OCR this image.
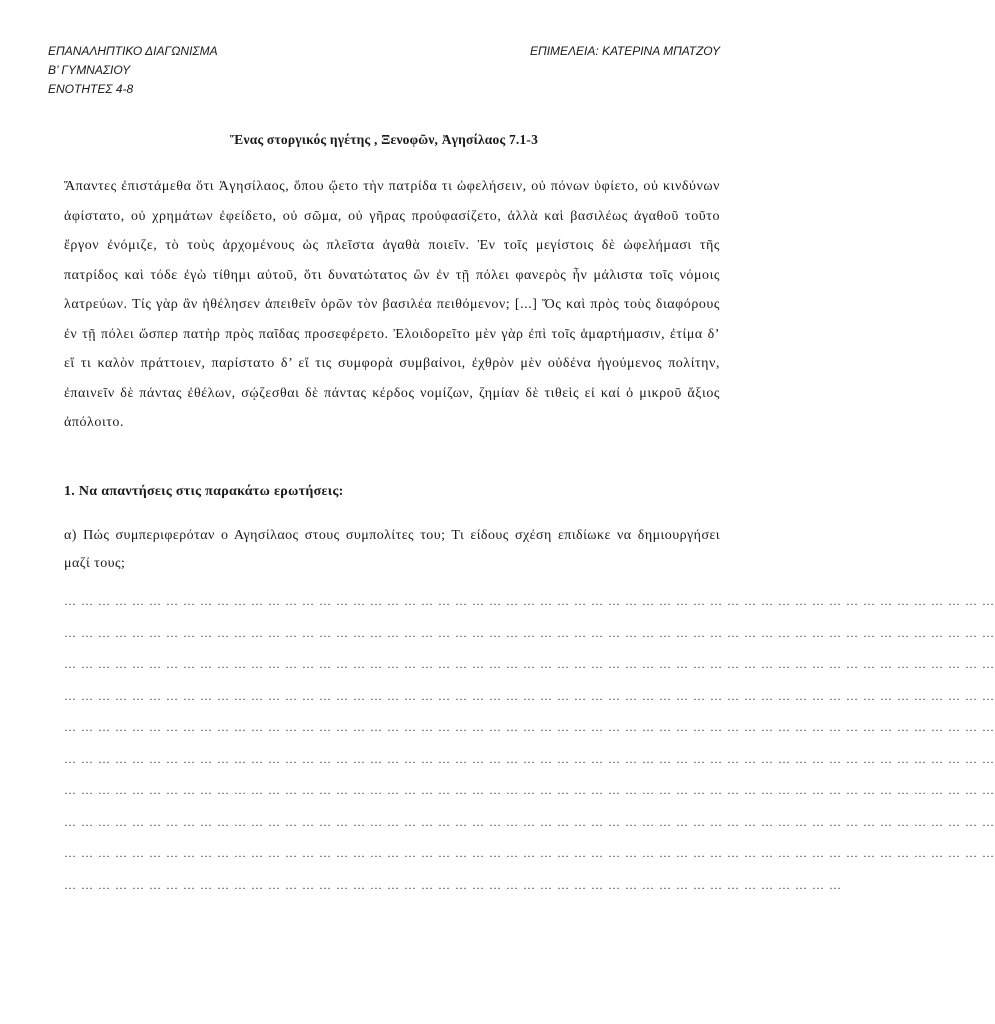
ΕΠΑΝΑΛΗΠΤΙΚΟ ΔΙΑΓΩΝΙΣΜΑ
Β’ ΓΥΜΝΑΣΙΟΥ
ΕΝΟΤΗΤΕΣ 4-8
ΕΠΙΜΕΛΕΙΑ: ΚΑΤΕΡΙΝΑ ΜΠΑΤΖΟΥ
Ἕνας στοργικός ηγέτης , Ξενοφῶν, Ἀγησίλαος 7.1-3
Ἅπαντες ἐπιστάμεθα ὅτι Ἀγησίλαος, ὅπου ᾤετο τὴν πατρίδα τι ὠφελήσειν, οὐ πόνων ὑφίετο, οὐ κινδύνων ἀφίστατο, οὐ χρημάτων ἐφείδετο, οὐ σῶμα, οὐ γῆρας προὐφασίζετο, ἀλλὰ καὶ βασιλέως ἀγαθοῦ τοῦτο ἔργον ἐνόμιζε, τὸ τοὺς ἀρχομένους ὡς πλεῖστα ἀγαθὰ ποιεῖν. Ἐν τοῖς μεγίστοις δὲ ὠφελήμασι τῆς πατρίδος καὶ τόδε ἐγὼ τίθημι αὐτοῦ, ὅτι δυνατώτατος ὢν ἐν τῇ πόλει φανερὸς ἦν μάλιστα τοῖς νόμοις λατρεύων. Τίς γὰρ ἂν ἠθέλησεν ἀπειθεῖν ὁρῶν τὸν βασιλέα πειθόμενον; [...] Ὅς καὶ πρὸς τοὺς διαφόρους ἐν τῇ πόλει ὥσπερ πατὴρ πρὸς παῖδας προσεφέρετο. Ἐλοιδορεῖτο μὲν γὰρ ἐπὶ τοῖς ἁμαρτήμασιν, ἐτίμα δ’ εἴ τι καλὸν πράττοιεν, παρίστατο δ’ εἴ τις συμφορὰ συμβαίνοι, ἐχθρὸν μὲν οὐδένα ἡγούμενος πολίτην, ἐπαινεῖν δὲ πάντας ἐθέλων, σῴζεσθαι δὲ πάντας κέρδος νομίζων, ζημίαν δὲ τιθεὶς εἰ καί ὁ μικροῦ ἄξιος ἀπόλοιτο.
1. Να απαντήσεις στις παρακάτω ερωτήσεις:
α) Πώς συμπεριφερόταν ο Αγησίλαος στους συμπολίτες του; Τι είδους σχέση επιδίωκε να δημιουργήσει μαζί τους;
… … … … … … … … … … … … … … … … … … … … … … … … … … … … … … … … … … … … … … … … … … … … … … … … … … … … … … …
… … … … … … … … … … … … … … … … … … … … … … … … … … … … … … … … … … … … … … … … … … … … … … … … … … … … … … …
… … … … … … … … … … … … … … … … … … … … … … … … … … … … … … … … … … … … … … … … … … … … … … … … … … … … … … …
… … … … … … … … … … … … … … … … … … … … … … … … … … … … … … … … … … … … … … … … … … … … … … … … … … … … … … …
… … … … … … … … … … … … … … … … … … … … … … … … … … … … … … … … … … … … … … … … … … … … … … … … … … … … … … …
… … … … … … … … … … … … … … … … … … … … … … … … … … … … … … … … … … … … … … … … … … … … … … … … … … … … … … …
… … … … … … … … … … … … … … … … … … … … … … … … … … … … … … … … … … … … … … … … … … … … … … … … … … … … … … …
… … … … … … … … … … … … … … … … … … … … … … … … … … … … … … … … … … … … … … … … … … … … … … … … … … … … … … …
… … … … … … … … … … … … … … … … … … … … … … … … … … … … … … … … … … … … … … … … … … … … … … … … … … … … … … …
… … … … … … … … … … … … … … … … … … … … … … … … … … … … … … … … … … … … … … … … … … … … … …
